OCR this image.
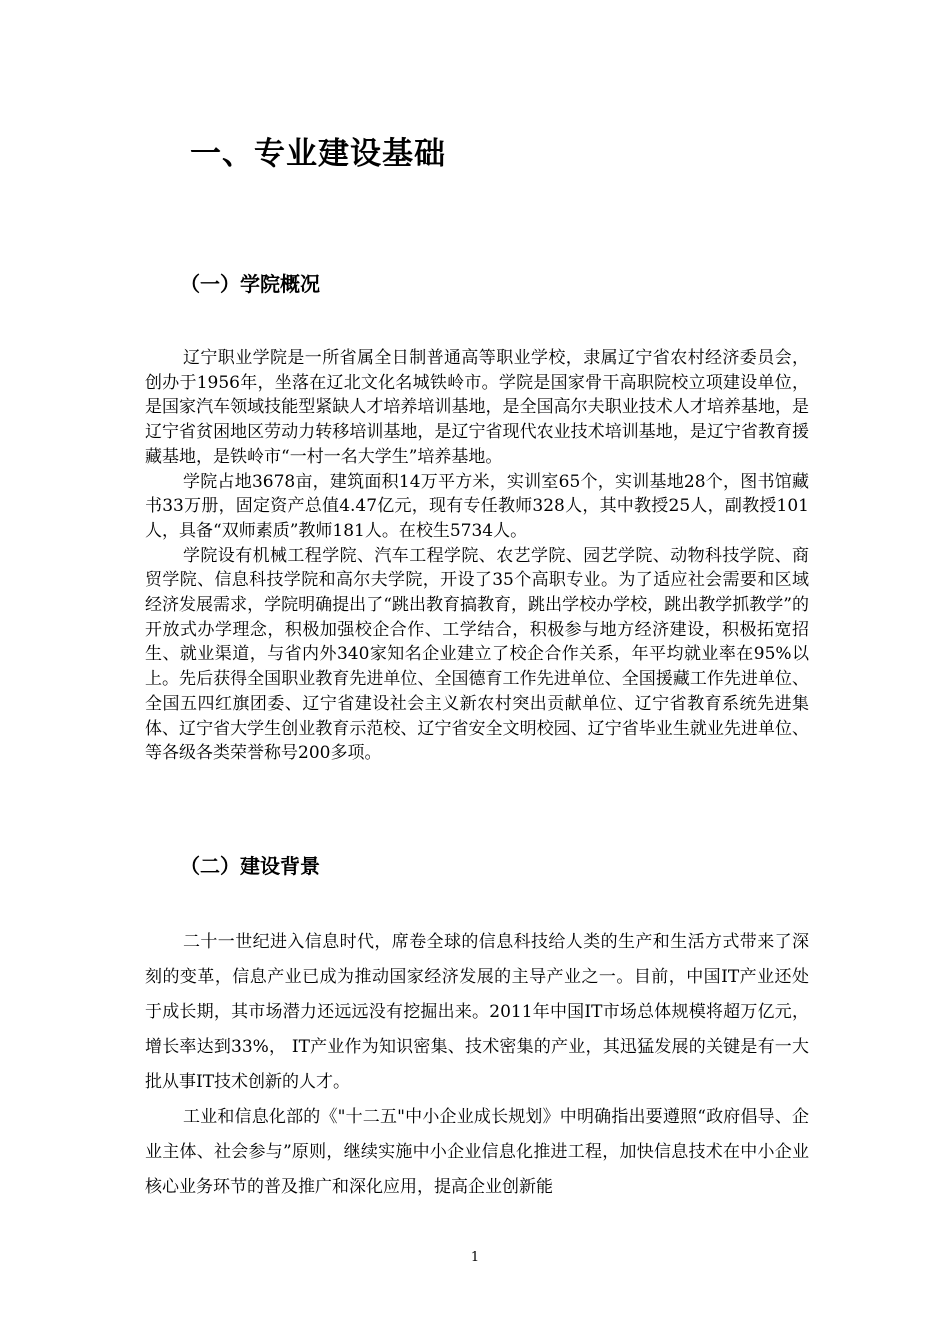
一、专业建设基础
（一）学院概况

辽宁职业学院是一所省属全日制普通高等职业学校，隶属辽宁省农村经济委员会，创办于1956年，坐落在辽北文化名城铁岭市。学院是国家骨干高职院校立项建设单位，是国家汽车领域技能型紧缺人才培养培训基地，是全国高尔夫职业技术人才培养基地，是辽宁省贫困地区劳动力转移培训基地，是辽宁省现代农业技术培训基地，是辽宁省教育援藏基地，是铁岭市“一村一名大学生”培养基地。

学院占地3678亩，建筑面积14万平方米，实训室65个，实训基地28个，图书馆藏书33万册，固定资产总值4.47亿元，现有专任教师328人，其中教授25人，副教授101人，具备“双师素质”教师181人。在校生5734人。

学院设有机械工程学院、汽车工程学院、农艺学院、园艺学院、动物科技学院、商贸学院、信息科技学院和高尔夫学院，开设了35个高职专业。为了适应社会需要和区域经济发展需求，学院明确提出了“跳出教育搞教育，跳出学校办学校，跳出教学抓教学”的开放式办学理念，积极加强校企合作、工学结合，积极参与地方经济建设，积极拓宽招生、就业渠道，与省内外340家知名企业建立了校企合作关系，年平均就业率在95%以上。先后获得全国职业教育先进单位、全国德育工作先进单位、全国援藏工作先进单位、全国五四红旗团委、辽宁省建设社会主义新农村突出贡献单位、辽宁省教育系统先进集体、辽宁省大学生创业教育示范校、辽宁省安全文明校园、辽宁省毕业生就业先进单位、等各级各类荣誉称号200多项。

（二）建设背景

二十一世纪进入信息时代，席卷全球的信息科技给人类的生产和生活方式带来了深刻的变革，信息产业已成为推动国家经济发展的主导产业之一。目前，中国IT产业还处于成长期，其市场潜力还远远没有挖掘出来。2011年中国IT市场总体规模将超万亿元，增长率达到33%， IT产业作为知识密集、技术密集的产业，其迅猛发展的关键是有一大批从事IT技术创新的人才。

工业和信息化部的《"十二五"中小企业成长规划》中明确指出要遵照“政府倡导、企业主体、社会参与”原则，继续实施中小企业信息化推进工程，加快信息技术在中小企业核心业务环节的普及推广和深化应用，提高企业创新能

1
